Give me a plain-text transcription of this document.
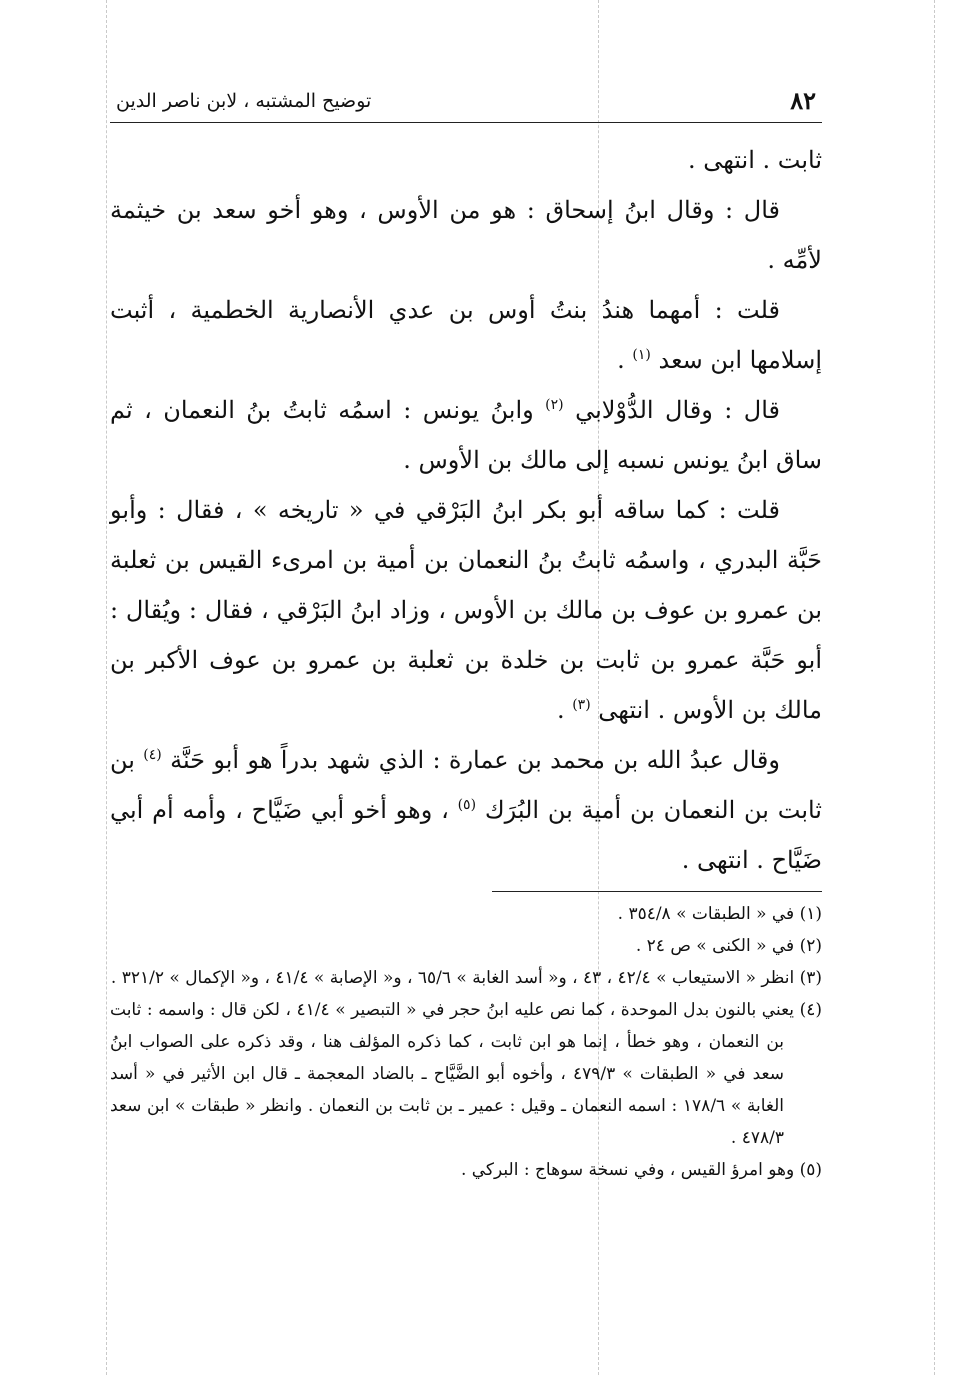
٨٢
توضيح المشتبه ، لابن ناصر الدين

ثابت . انتهى .

قال : وقال ابنُ إسحاق : هو من الأوس ، وهو أخو سعد بن خيثمة لأمِّه .

قلت : أمهما هندُ بنتُ أوس بن عدي الأنصارية الخطمية ، أثبت إسلامها ابن سعد $^{(١)}$ .

قال : وقال الدُّوْلابي $^{(٢)}$ وابنُ يونس : اسمُه ثابتُ بنُ النعمان ، ثم ساق ابنُ يونس نسبه إلى مالك بن الأوس .

قلت : كما ساقه أبو بكر ابنُ البَرْقي في « تاريخه » ، فقال : وأبو حَبَّة البدري ، واسمُه ثابتُ بنُ النعمان بن أمية بن امرىء القيس بن ثعلبة بن عمرو بن عوف بن مالك بن الأوس ، وزاد ابنُ البَرْقي ، فقال : ويُقال : أبو حَبَّة عمرو بن ثابت بن خلدة بن ثعلبة بن عمرو بن عوف الأكبر بن مالك بن الأوس . انتهى $^{(٣)}$ .

وقال عبدُ الله بن محمد بن عمارة : الذي شهد بدراً هو أبو حَنَّة $^{(٤)}$ بن ثابت بن النعمان بن أمية بن البُرَك $^{(٥)}$ ، وهو أخو أبي ضَيَّاح ، وأمه أم أبي ضَيَّاح . انتهى .

(١) في « الطبقات » ٣٥٤/٨ .

(٢) في « الكنى » ص ٢٤ .

(٣) انظر « الاستيعاب » ٤٢/٤ ، ٤٣ ، و« أسد الغابة » ٦٥/٦ ، و« الإصابة » ٤١/٤ ، و« الإكمال » ٣٢١/٢ .

(٤) يعني بالنون بدل الموحدة ، كما نص عليه ابنُ حجر في « التبصير » ٤١/٤ ، لكن قال : واسمه : ثابت بن النعمان ، وهو خطأ ، إنما هو ابن ثابت ، كما ذكره المؤلف هنا ، وقد ذكره على الصواب ابنُ سعد في « الطبقات » ٤٧٩/٣ ، وأخوه أبو الضَّيَّاح ـ بالضاد المعجمة ـ قال ابن الأثير في « أسد الغابة » ١٧٨/٦ : اسمه النعمان ـ وقيل : عمير ـ بن ثابت بن النعمان . وانظر « طبقات » ابن سعد ٤٧٨/٣ .

(٥) وهو امرؤ القيس ، وفي نسخة سوهاج : البركي .
